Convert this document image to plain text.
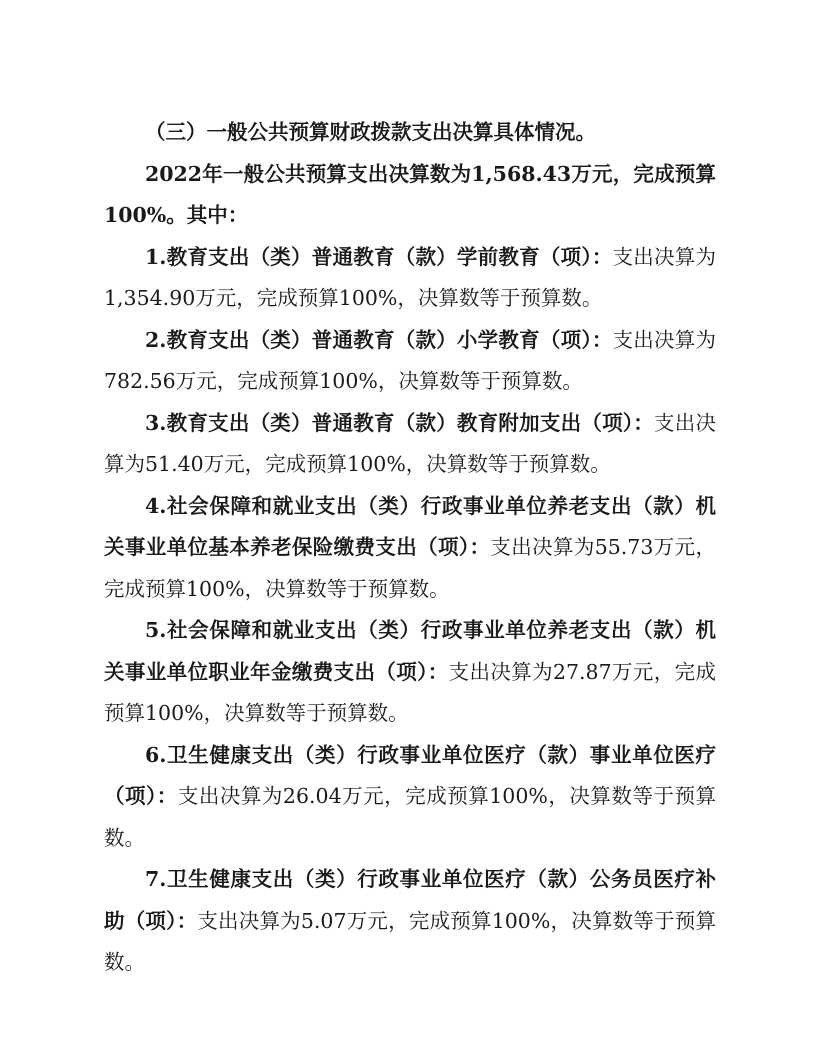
（三）一般公共预算财政拨款支出决算具体情况。

2022年一般公共预算支出决算数为1,568.43万元，完成预算100%。其中：

1.教育支出（类）普通教育（款）学前教育（项）：支出决算为1,354.90万元，完成预算100%，决算数等于预算数。

2.教育支出（类）普通教育（款）小学教育（项）：支出决算为782.56万元，完成预算100%，决算数等于预算数。

3.教育支出（类）普通教育（款）教育附加支出（项）：支出决算为51.40万元，完成预算100%，决算数等于预算数。

4.社会保障和就业支出（类）行政事业单位养老支出（款）机关事业单位基本养老保险缴费支出（项）：支出决算为55.73万元，完成预算100%，决算数等于预算数。

5.社会保障和就业支出（类）行政事业单位养老支出（款）机关事业单位职业年金缴费支出（项）：支出决算为27.87万元，完成预算100%，决算数等于预算数。

6.卫生健康支出（类）行政事业单位医疗（款）事业单位医疗（项）：支出决算为26.04万元，完成预算100%，决算数等于预算数。

7.卫生健康支出（类）行政事业单位医疗（款）公务员医疗补助（项）：支出决算为5.07万元，完成预算100%，决算数等于预算数。
